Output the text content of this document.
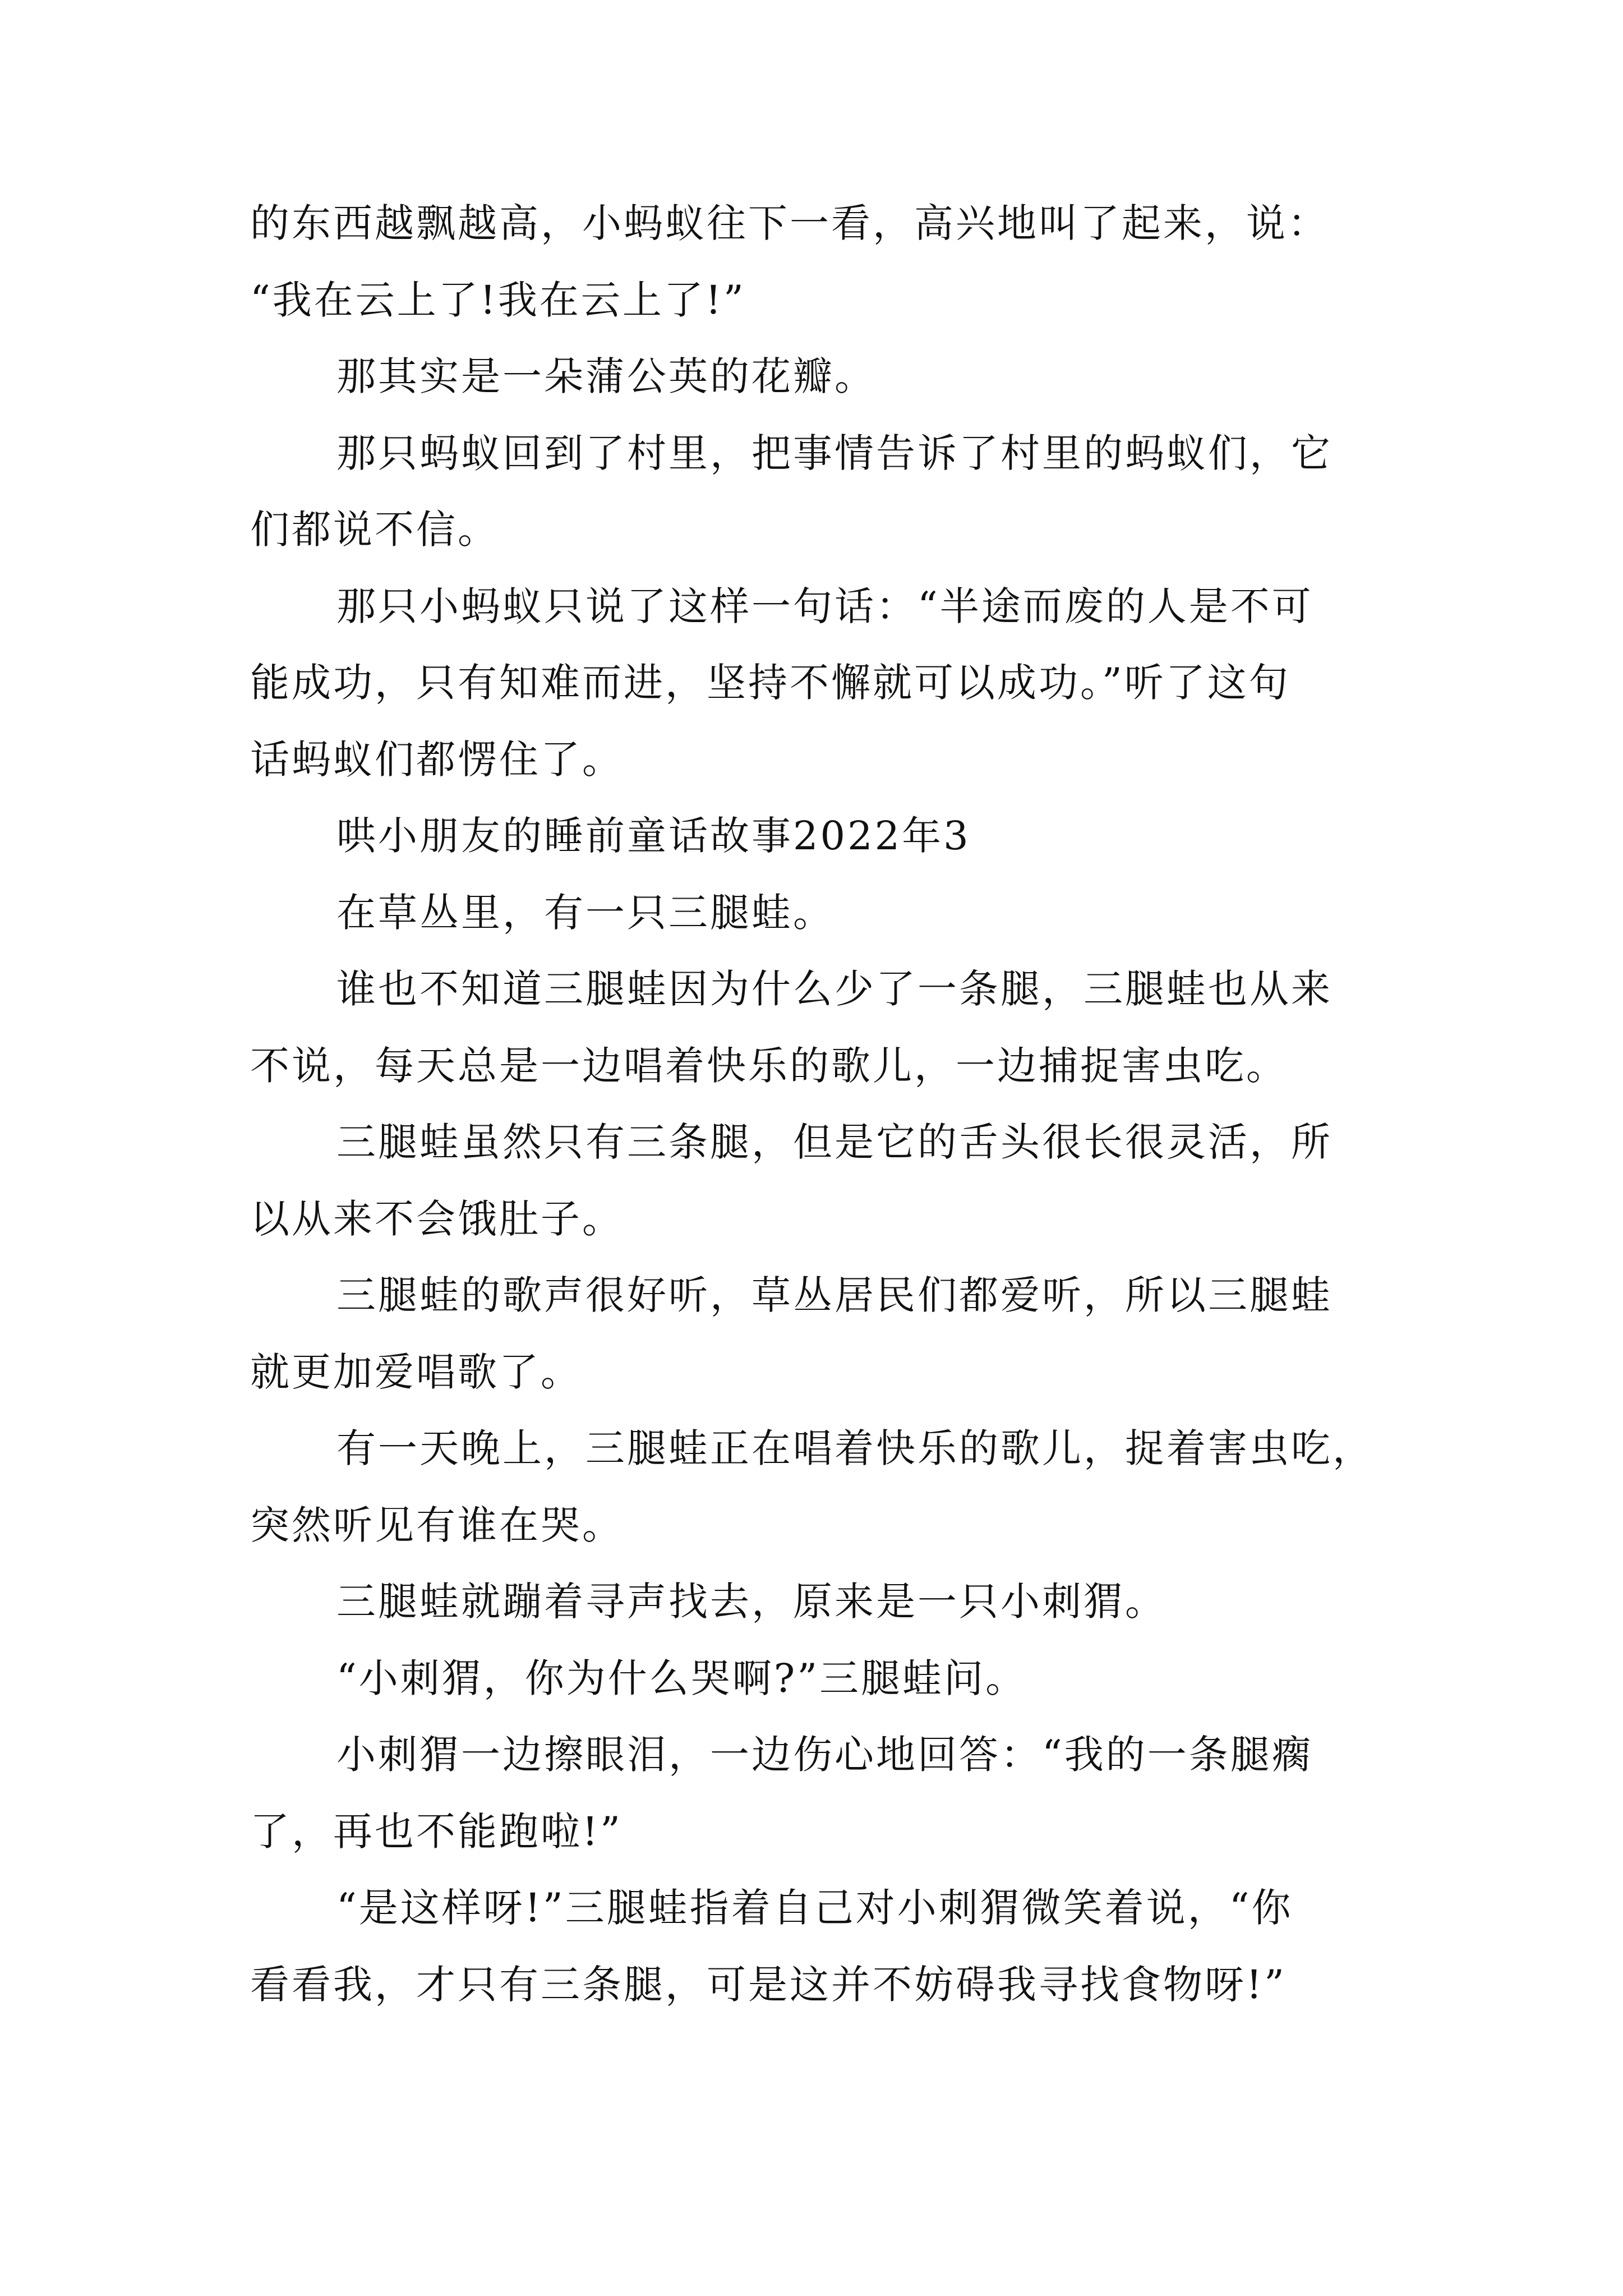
的东西越飘越高，小蚂蚁往下一看，高兴地叫了起来，说：
“我在云上了!我在云上了!”
那其实是一朵蒲公英的花瓣。
那只蚂蚁回到了村里，把事情告诉了村里的蚂蚁们，它
们都说不信。
那只小蚂蚁只说了这样一句话：“半途而废的人是不可
能成功，只有知难而进，坚持不懈就可以成功。”听了这句
话蚂蚁们都愣住了。
哄小朋友的睡前童话故事2022年3
在草丛里，有一只三腿蛙。
谁也不知道三腿蛙因为什么少了一条腿，三腿蛙也从来
不说，每天总是一边唱着快乐的歌儿，一边捕捉害虫吃。
三腿蛙虽然只有三条腿，但是它的舌头很长很灵活，所
以从来不会饿肚子。
三腿蛙的歌声很好听，草丛居民们都爱听，所以三腿蛙
就更加爱唱歌了。
有一天晚上，三腿蛙正在唱着快乐的歌儿，捉着害虫吃，
突然听见有谁在哭。
三腿蛙就蹦着寻声找去，原来是一只小刺猬。
“小刺猬，你为什么哭啊?”三腿蛙问。
小刺猬一边擦眼泪，一边伤心地回答：“我的一条腿瘸
了，再也不能跑啦!”
“是这样呀!”三腿蛙指着自己对小刺猬微笑着说，“你
看看我，才只有三条腿，可是这并不妨碍我寻找食物呀!”
